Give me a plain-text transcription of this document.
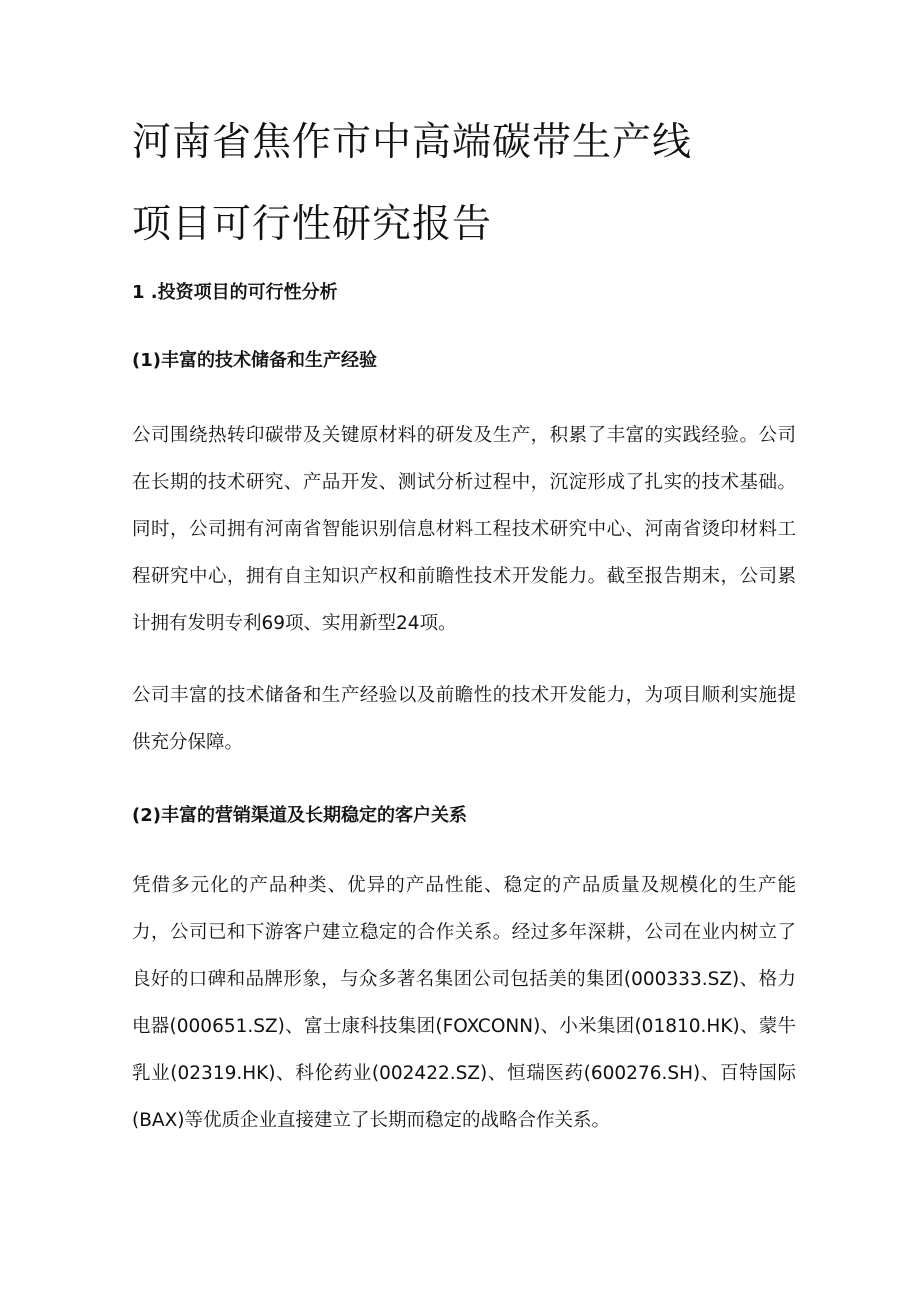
河南省焦作市中高端碳带生产线
项目可行性研究报告
1 .投资项目的可行性分析
(1)丰富的技术储备和生产经验

公司围绕热转印碳带及关键原材料的研发及生产，积累了丰富的实践经验。公司在长期的技术研究、产品开发、测试分析过程中，沉淀形成了扎实的技术基础。同时，公司拥有河南省智能识别信息材料工程技术研究中心、河南省烫印材料工程研究中心，拥有自主知识产权和前瞻性技术开发能力。截至报告期末，公司累计拥有发明专利69项、实用新型24项。

公司丰富的技术储备和生产经验以及前瞻性的技术开发能力，为项目顺利实施提供充分保障。

(2)丰富的营销渠道及长期稳定的客户关系

凭借多元化的产品种类、优异的产品性能、稳定的产品质量及规模化的生产能力，公司已和下游客户建立稳定的合作关系。经过多年深耕，公司在业内树立了良好的口碑和品牌形象，与众多著名集团公司包括美的集团(000333.SZ)、格力电器(000651.SZ)、富士康科技集团(FOXCONN)、小米集团(01810.HK)、蒙牛乳业(02319.HK)、科伦药业(002422.SZ)、恒瑞医药(600276.SH)、百特国际(BAX)等优质企业直接建立了长期而稳定的战略合作关系。
